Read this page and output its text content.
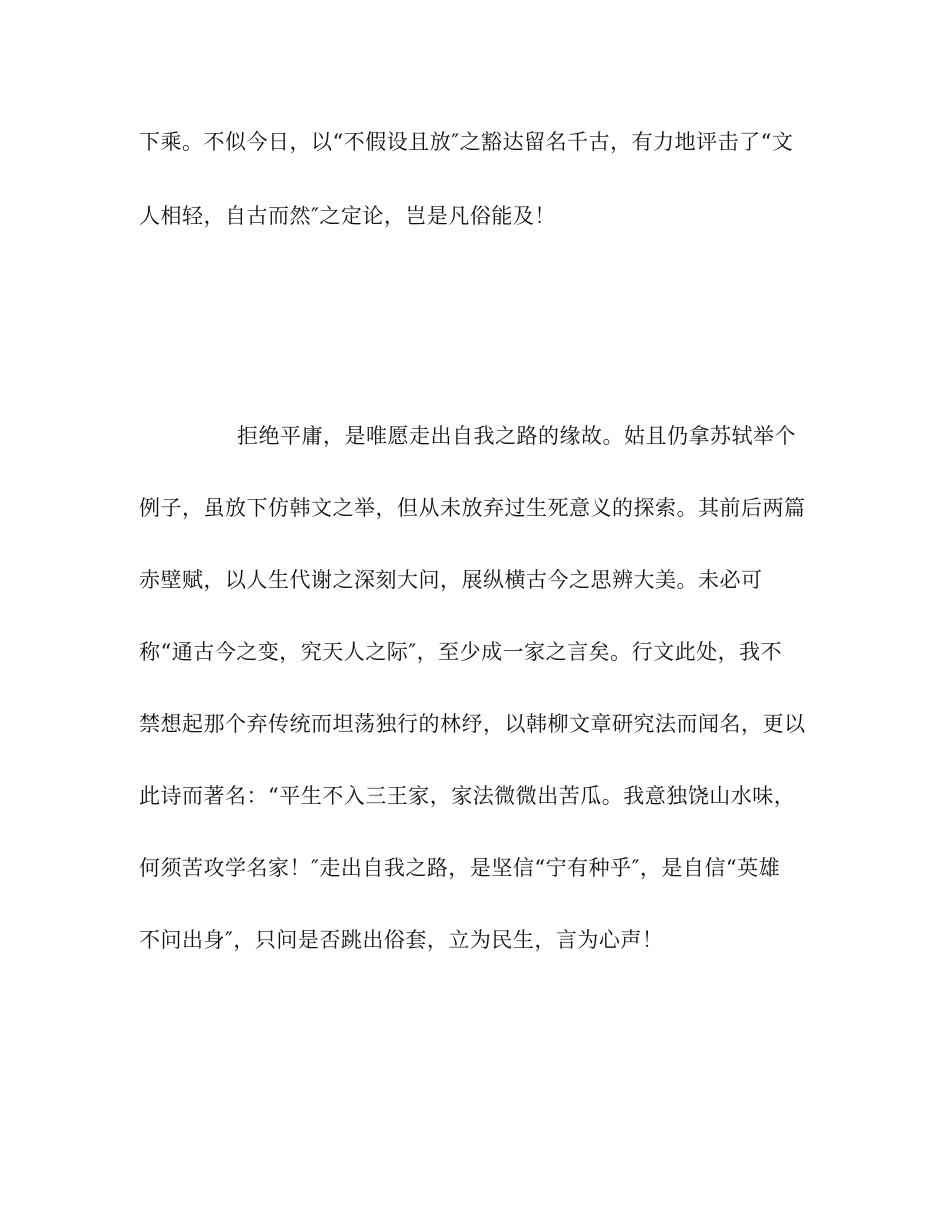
下乘。不似今日，以“不假设且放″之豁达留名千古，有力地评击了“文
人相轻，自古而然″之定论，岂是凡俗能及！
拒绝平庸，是唯愿走出自我之路的缘故。姑且仍拿苏轼举个
例子，虽放下仿韩文之举，但从未放弃过生死意义的探索。其前后两篇
赤壁赋，以人生代谢之深刻大问，展纵横古今之思辨大美。未必可
称“通古今之变，究天人之际″，至少成一家之言矣。行文此处，我不
禁想起那个弃传统而坦荡独行的林纾，以韩柳文章研究法而闻名，更以
此诗而著名：“平生不入三王家，家法微微出苦瓜。我意独饶山水味，
何须苦攻学名家！″走出自我之路，是坚信“宁有种乎″，是自信“英雄
不问出身″，只问是否跳出俗套，立为民生，言为心声！
